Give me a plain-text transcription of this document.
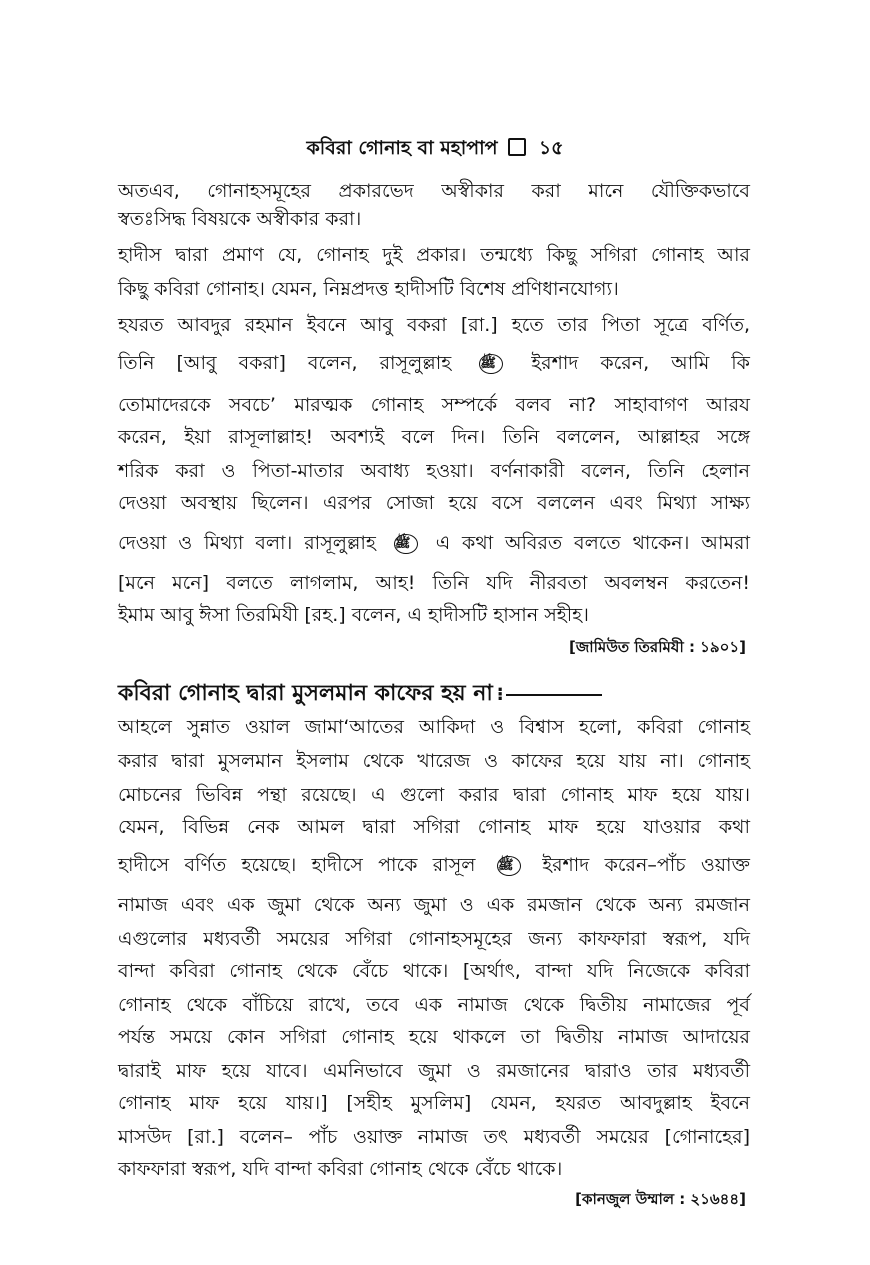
কবিরা গোনাহ বা মহাপাপ ১৫
অতএব, গোনাহসমূহের প্রকারভেদ অস্বীকার করা মানে যৌক্তিকভাবে
স্বতঃসিদ্ধ বিষয়কে অস্বীকার করা।
হাদীস দ্বারা প্রমাণ যে, গোনাহ দুই প্রকার। তন্মধ্যে কিছু সগিরা গোনাহ আর
কিছু কবিরা গোনাহ। যেমন, নিম্নপ্রদত্ত হাদীসটি বিশেষ প্রণিধানযোগ্য।
হযরত আবদুর রহমান ইবনে আবু বকরা [রা.] হতে তার পিতা সূত্রে বর্ণিত,
তিনি [আবু বকরা] বলেন, রাসূলুল্লাহ ﷺ ইরশাদ করেন, আমি কি
তোমাদেরকে সবচে’ মারত্মক গোনাহ সম্পর্কে বলব না? সাহাবাগণ আরয
করেন, ইয়া রাসূলাল্লাহ! অবশ্যই বলে দিন। তিনি বললেন, আল্লাহর সঙ্গে
শরিক করা ও পিতা-মাতার অবাধ্য হওয়া। বর্ণনাকারী বলেন, তিনি হেলান
দেওয়া অবস্থায় ছিলেন। এরপর সোজা হয়ে বসে বললেন এবং মিথ্যা সাক্ষ্য
দেওয়া ও মিথ্যা বলা। রাসূলুল্লাহ ﷺ এ কথা অবিরত বলতে থাকেন। আমরা
[মনে মনে] বলতে লাগলাম, আহ! তিনি যদি নীরবতা অবলম্বন করতেন!
ইমাম আবু ঈসা তিরমিযী [রহ.] বলেন, এ হাদীসটি হাসান সহীহ।
[জামিউত তিরমিযী : ১৯০১]
কবিরা গোনাহ দ্বারা মুসলমান কাফের হয় না ⁝
আহলে সুন্নাত ওয়াল জামা‘আতের আকিদা ও বিশ্বাস হলো, কবিরা গোনাহ
করার দ্বারা মুসলমান ইসলাম থেকে খারেজ ও কাফের হয়ে যায় না। গোনাহ
মোচনের ভিবিন্ন পন্থা রয়েছে। এ গুলো করার দ্বারা গোনাহ মাফ হয়ে যায়।
যেমন, বিভিন্ন নেক আমল দ্বারা সগিরা গোনাহ মাফ হয়ে যাওয়ার কথা
হাদীসে বর্ণিত হয়েছে। হাদীসে পাকে রাসূল ﷺ ইরশাদ করেন–পাঁচ ওয়াক্ত
নামাজ এবং এক জুমা থেকে অন্য জুমা ও এক রমজান থেকে অন্য রমজান
এগুলোর মধ্যবর্তী সময়ের সগিরা গোনাহসমূহের জন্য কাফফারা স্বরূপ, যদি
বান্দা কবিরা গোনাহ থেকে বেঁচে থাকে। [অর্থাৎ, বান্দা যদি নিজেকে কবিরা
গোনাহ থেকে বাঁচিয়ে রাখে, তবে এক নামাজ থেকে দ্বিতীয় নামাজের পূর্ব
পর্যন্ত সময়ে কোন সগিরা গোনাহ হয়ে থাকলে তা দ্বিতীয় নামাজ আদায়ের
দ্বারাই মাফ হয়ে যাবে। এমনিভাবে জুমা ও রমজানের দ্বারাও তার মধ্যবর্তী
গোনাহ মাফ হয়ে যায়।] [সহীহ মুসলিম] যেমন, হযরত আবদুল্লাহ ইবনে
মাসউদ [রা.] বলেন– পাঁচ ওয়াক্ত নামাজ তৎ মধ্যবর্তী সময়ের [গোনাহের]
কাফফারা স্বরূপ, যদি বান্দা কবিরা গোনাহ থেকে বেঁচে থাকে।
[কানজুল উম্মাল : ২১৬৪৪]
